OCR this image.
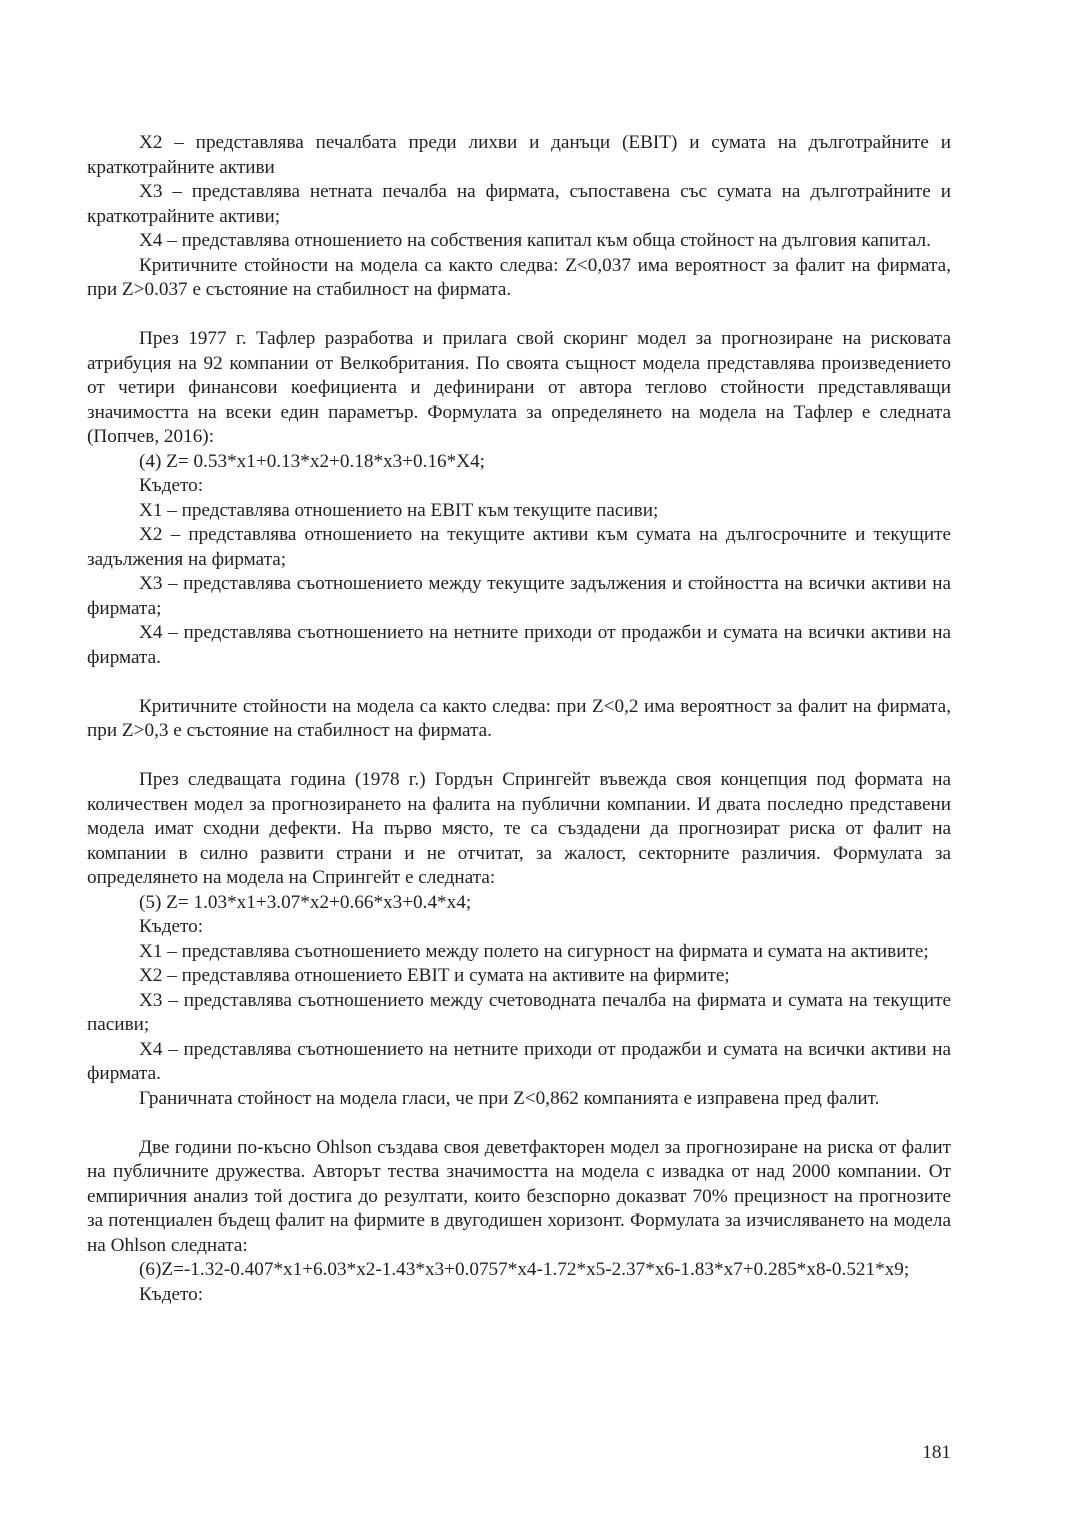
X2 – представлява печалбата преди лихви и данъци (EBIT) и сумата на дълготрайните и краткотрайните активи

X3 – представлява нетната печалба на фирмата, съпоставена със сумата на дълготрайните и краткотрайните активи;

X4 – представлява отношението на собствения капитал към обща стойност на дълговия капитал.

Критичните стойности на модела са както следва: Z<0,037 има вероятност за фалит на фирмата, при Z>0.037 е състояние на стабилност на фирмата.

През 1977 г. Тафлер разработва и прилага свой скоринг модел за прогнозиране на рисковата атрибуция на 92 компании от Велкобритания. По своята същност модела представлява произведението от четири финансови коефициента и дефинирани от автора теглово стойности представляващи значимостта на всеки един параметър. Формулата за определянето на модела на Тафлер е следната (Попчев, 2016):

(4) Z= 0.53*x1+0.13*x2+0.18*x3+0.16*X4;

Където:

X1 – представлява отношението на EBIT към текущите пасиви;

X2 – представлява отношението на текущите активи към сумата на дългосрочните и текущите задължения на фирмата;

X3 – представлява съотношението между текущите задължения и стойността на всички активи на фирмата;

X4 – представлява съотношението на нетните приходи от продажби и сумата на всички активи на фирмата.

Критичните стойности на модела са както следва: при Z<0,2 има вероятност за фалит на фирмата, при Z>0,3 е състояние на стабилност на фирмата.

През следващата година (1978 г.) Гордън Спрингейт въвежда своя концепция под формата на количествен модел за прогнозирането на фалита на публични компании. И двата последно представени модела имат сходни дефекти. На първо място, те са създадени да прогнозират риска от фалит на компании в силно развити страни и не отчитат, за жалост, секторните различия. Формулата за определянето на модела на Спрингейт е следната:

(5) Z= 1.03*x1+3.07*x2+0.66*x3+0.4*x4;

Където:

X1 – представлява съотношението между полето на сигурност на фирмата и сумата на активите;

X2 – представлява отношението EBIT и сумата на активите на фирмите;

X3 – представлява съотношението между счетоводната печалба на фирмата и сумата на текущите пасиви;

X4 – представлява съотношението на нетните приходи от продажби и сумата на всички активи на фирмата.

Граничната стойност на модела гласи, че при Z<0,862 компанията е изправена пред фалит.

Две години по-късно Ohlson създава своя деветфакторен модел за прогнозиране на риска от фалит на публичните дружества. Авторът тества значимостта на модела с извадка от над 2000 компании. От емпиричния анализ той достига до резултати, които безспорно доказват 70% прецизност на прогнозите за потенциален бъдещ фалит на фирмите в двугодишен хоризонт. Формулата за изчисляването на модела на Ohlson следната:

(6)Z=-1.32-0.407*x1+6.03*x2-1.43*x3+0.0757*x4-1.72*x5-2.37*x6-1.83*x7+0.285*x8-0.521*x9;

Където:

181
